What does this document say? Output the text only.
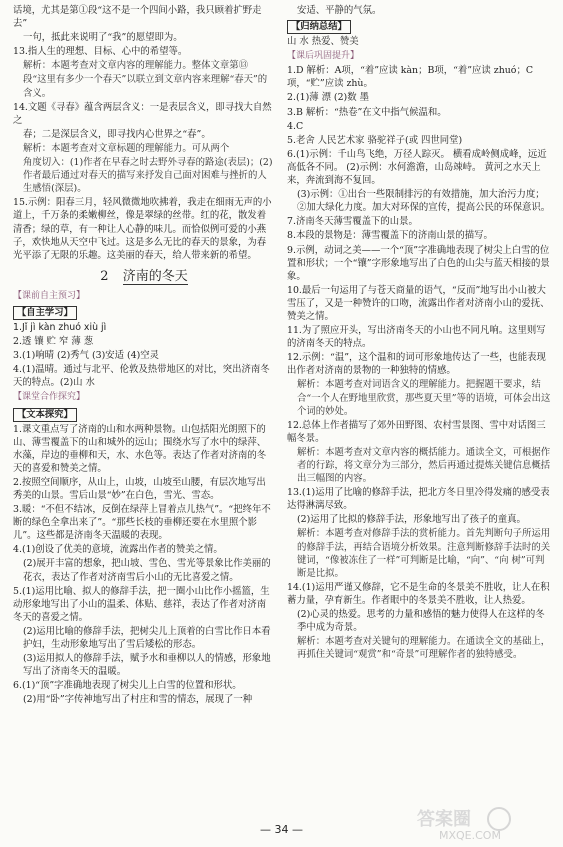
话境，尤其是第①段“这不是一个四间小路，我只顾着扩野走去”
一句，抵此来说明了“我”的愿望即为。
13.指人生的理想、目标、心中的希望等。
解析：本题考查对文章内容的理解能力。整体文章第⑬
段“这里有多少一个春天”以联立到文章内容来理解“春天”的含义。
14.文题《寻春》蕴含两层含义：一是表层含义，即寻找大自然之
春；二是深层含义，即寻找内心世界之“春”。
解析：本题考查对文章标题的理解能力。可从两个
角度切入：(1)作者在早春之时去野外寻春的路途(表层)；(2)作者最后通过对春天的描写来抒发自己面对困难与挫折的人生感悟(深层)。
15.示例：阳春三月，轻风微微地吹拂着，我走在细雨无声的小道上，千万条的柔嫩柳丝，像是翠绿的丝带。红的花，散发着清香；绿的草，有一种让人心静的味儿。而恰似例可爱的小燕子，欢快地从天空中飞过。这是多么无比的春天的景象，为春光平添了无限的乐趣。这美丽的春天，给人带来新的希望。
2 济南的冬天
【课前自主预习】
【自主学习】
1.Jǐ jì kàn zhuó xiù jì
2.透 镶 贮 窄 薄 葱
3.(1)响晴 (2)秀气 (3)安适 (4)空灵
4.(1)温晴。通过与北平、伦敦及热带地区的对比，突出济南冬天的特点。(2)山 水
【课堂合作探究】
【文本探究】
1.课文重点写了济南的山和水两种景物。山包括阳光朗照下的山、薄雪覆盖下的山和城外的远山；围绕水写了水中的绿萍、水藻，岸边的垂柳和天，水、水色等。表达了作者对济南的冬天的喜爱和赞美之情。
2.按照空间顺序，从山上，山坡，山坡至山腰，有层次地写出秀美的山景。雪后山景“妙”在白色，雪光、雪态。
3.暖：“不但不结冰，反倒在绿萍上冒着点儿热气”。“把终年不断的绿色全拿出来了”。“那些长枝的垂柳还要在水里照个影儿”。这些都是济南冬天温暖的表现。
4.(1)创设了优美的意境，流露出作者的赞美之情。
(2)展开丰富的想象，把山坡、雪色、雪光等景象比作美丽的花衣，表达了作者对济南雪后小山的无比喜爱之情。
5.(1)运用比喻、拟人的修辞手法，把一圈小山比作小摇篮，生动形象地写出了小山的温柔、体贴、慈祥，表达了作者对济南冬天的喜爱之情。
(2)运用比喻的修辞手法，把树尖儿上顶着的白雪比作日本看护妇，生动形象地写出了雪后矮松的形态。
(3)运用拟人的修辞手法，赋予水和垂柳以人的情感，形象地写出了济南冬天的温暖。
6.(1)“顶”字准确地表现了树尖儿上白雪的位置和形状。
(2)用“卧”字传神地写出了村庄和雪的情态，展现了一种
安适、平静的气氛。
【归纳总结】
山 水 热爱、赞美
【课后巩固提升】
1.D 解析：A项，“着”应读 kàn；B项，“着”应读 zhuó；C项，“贮”应读 zhù。
2.(1)薄 漂 (2)数 墨
3.B 解析：“热卷”在文中指气候温和。
4.C
5.老舍 人民艺术家 骆驼祥子(或 四世同堂)
6.(1)示例：千山鸟飞绝，万径人踪灭。 横看成岭侧成峰，远近高低各不同。 (2)示例：水何澹澹，山岛竦峙。 黄河之水天上来，奔流到海不复回。
(3)示例：①出台一些限制排污的有效措施，加大治污力度；②加大绿化力度。加大对环保的宣传，提高公民的环保意识。
7.济南冬天薄雪覆盖下的山景。
8.本段的景物是：薄雪覆盖下的济南山景的描写。
9.示例，动词之美——一个“顶”字准确地表现了树尖上白雪的位置和形状；一个“镶”字形象地写出了白色的山尖与蓝天相接的景象。
10.最后一句运用了与苍天商量的语气，“反而”地写出小山被大雪压了，又是一种赞许的口吻，流露出作者对济南小山的爱抚、赞美之情。
11.为了照应开头，写出济南冬天的小山也不同凡响。这里则写的济南冬天的特点。
12.示例：“温”，这个温和的词可形象地传达了一些，也能表现出作者对济南的景物的一种独特的情感。
解析：本题考查对词语含义的理解能力。把握题干要求，结合“一个人在野地里欣赏，那些夏天里”等的语境，可体会出这个词的妙处。
12.总体上作者描写了郊外田野图、农村雪景图、雪中对话图三幅冬景。
解析：本题考查对文章内容的概括能力。通读全文，可根据作者的行踪，将文章分为三部分，然后再通过提炼关键信息概括出三幅图的内容。
13.(1)运用了比喻的修辞手法，把北方冬日里冷得发痛的感受表达得淋漓尽致。
(2)运用了比拟的修辞手法，形象地写出了孩子的童真。
解析：本题考查对修辞手法的赏析能力。首先判断句子所运用的修辞手法，再结合语境分析效果。注意判断修辞手法时的关键词，“像被冻住了一样”可判断是比喻，“向”、“向 树”可判断是比拟。
14.(1)运用严谨又修辞，它不是生命的冬景美不胜收，让人在积蓄力量，孕育新生。作者眼中的冬景美不胜收，让人热爱。
(2)心灵的热爱。思考的力量和感悟的魅力使得人在这样的冬季中成为奇景。
解析：本题考查对关键句的理解能力。在通读全文的基础上，再抓住关键词“观赏”和“奇景”可理解作者的独特感受。
— 34 —	答案圈
MXQE.COM
